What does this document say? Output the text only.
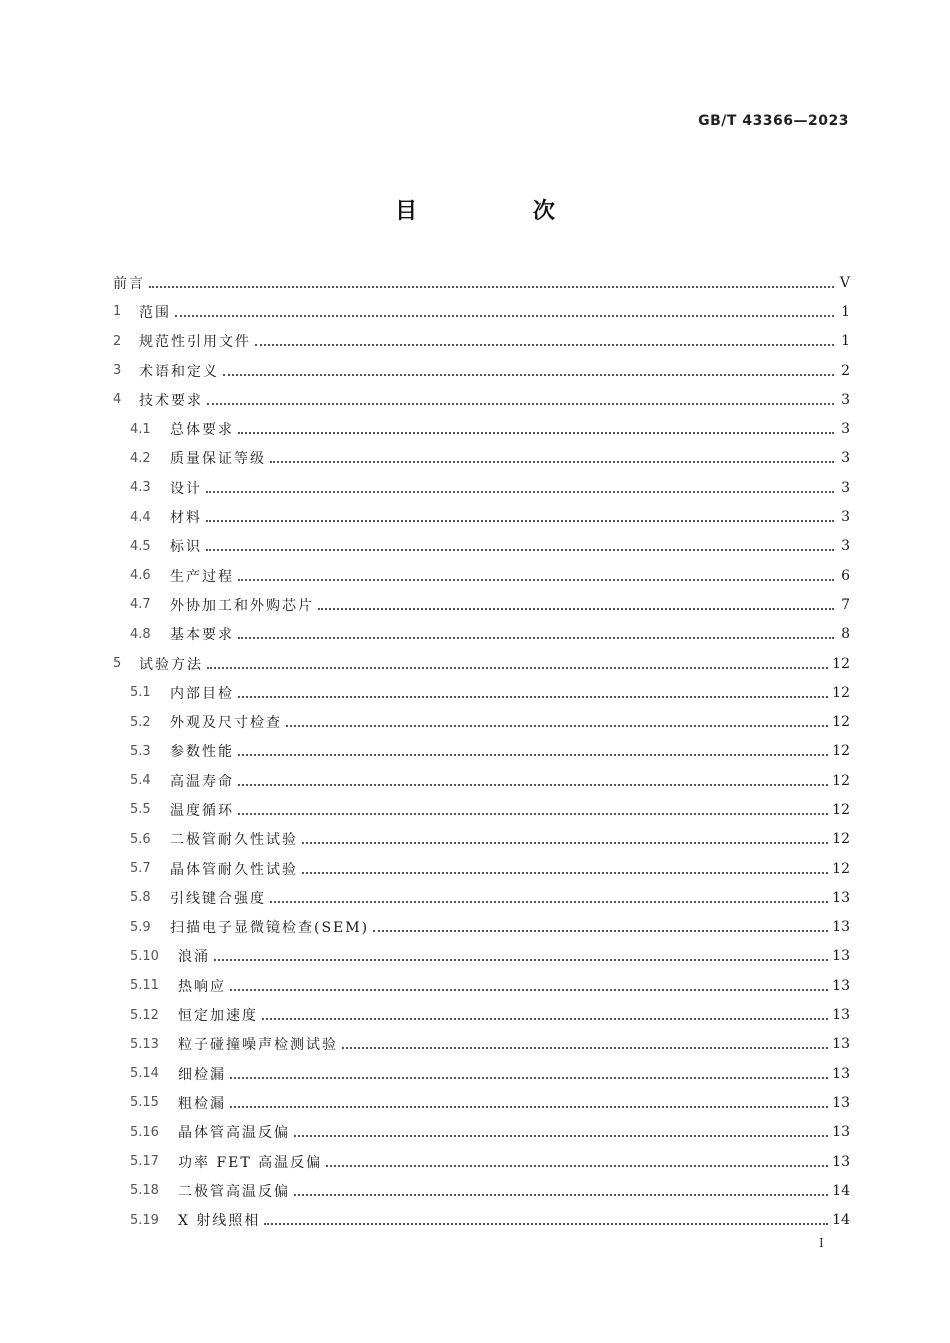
GB/T 43366—2023
目 次
前言	V
1	范围	1
2	规范性引用文件	1
3	术语和定义	2
4	技术要求	3
4.1	总体要求	3
4.2	质量保证等级	3
4.3	设计	3
4.4	材料	3
4.5	标识	3
4.6	生产过程	6
4.7	外协加工和外购芯片	7
4.8	基本要求	8
5	试验方法	12
5.1	内部目检	12
5.2	外观及尺寸检查	12
5.3	参数性能	12
5.4	高温寿命	12
5.5	温度循环	12
5.6	二极管耐久性试验	12
5.7	晶体管耐久性试验	12
5.8	引线键合强度	13
5.9	扫描电子显微镜检查(SEM)	13
5.10	浪涌	13
5.11	热响应	13
5.12	恒定加速度	13
5.13	粒子碰撞噪声检测试验	13
5.14	细检漏	13
5.15	粗检漏	13
5.16	晶体管高温反偏	13
5.17	功率 FET 高温反偏	13
5.18	二极管高温反偏	14
5.19	X 射线照相	14
I
